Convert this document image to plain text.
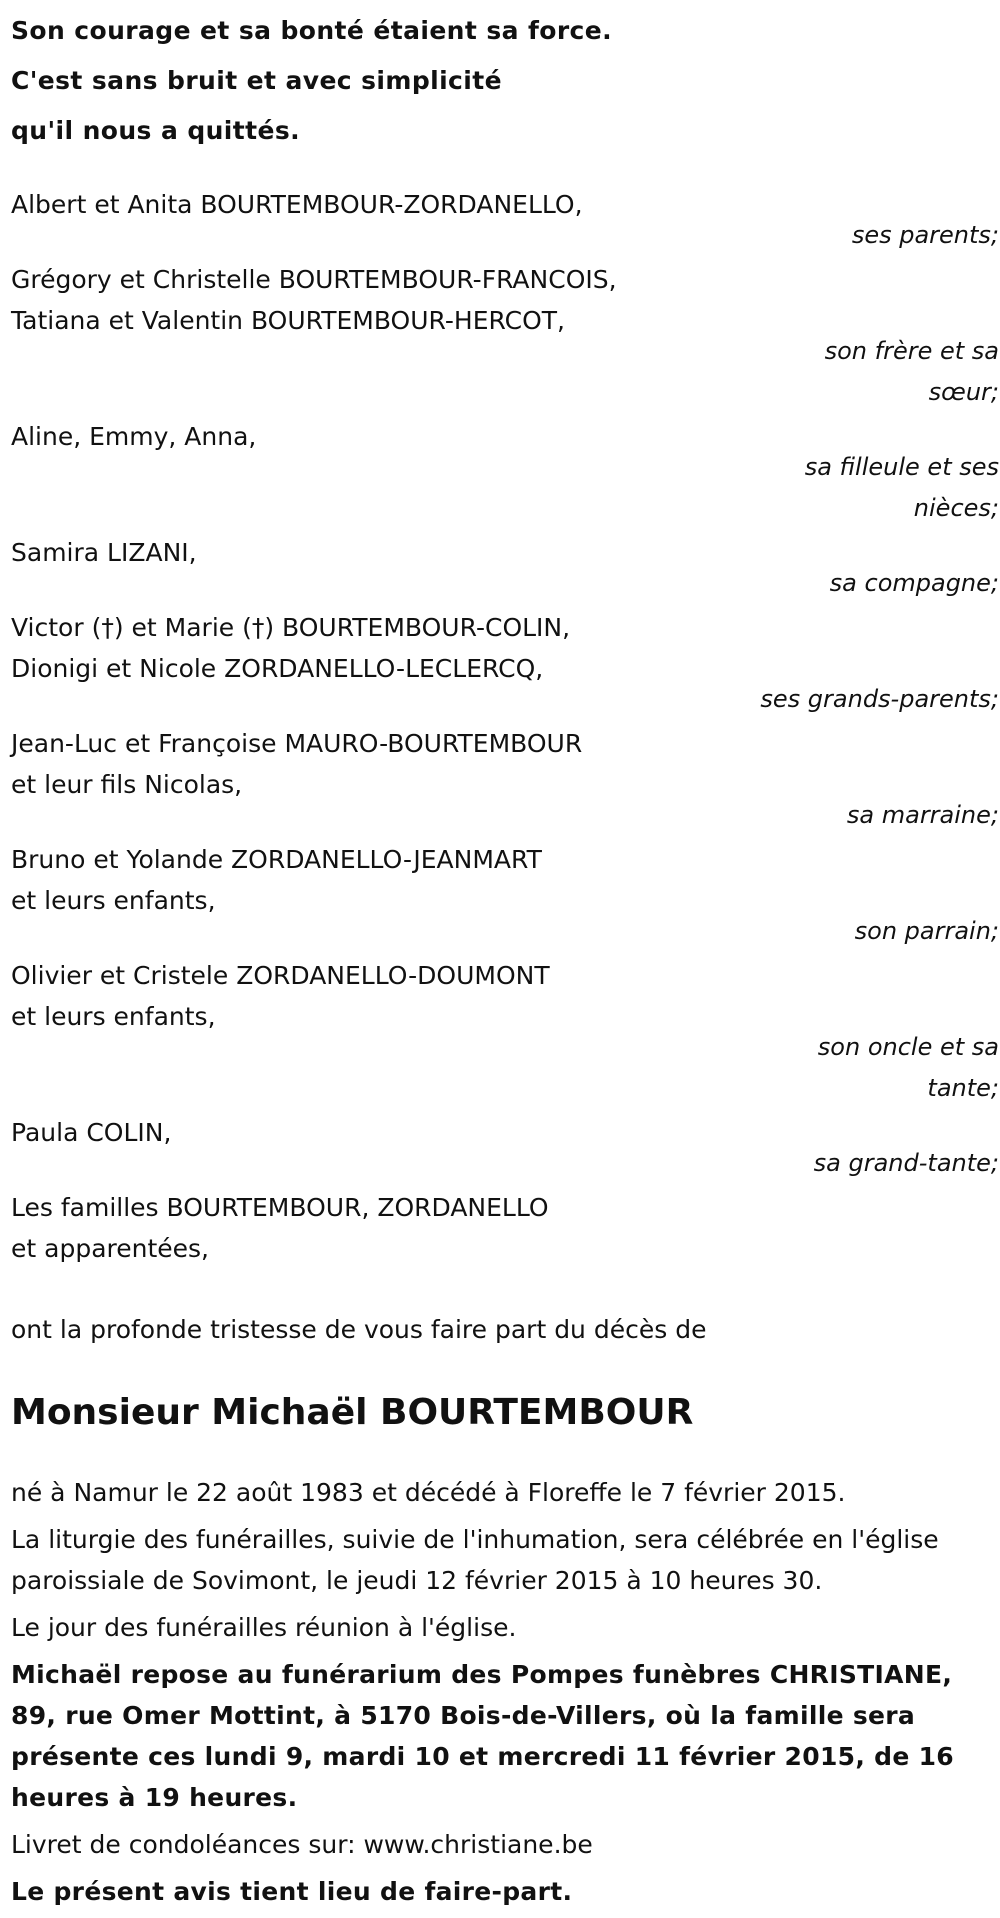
Son courage et sa bonté étaient sa force.
C'est sans bruit et avec simplicité
qu'il nous a quittés.
Albert et Anita BOURTEMBOUR-ZORDANELLO,
ses parents;
Grégory et Christelle BOURTEMBOUR-FRANCOIS,
Tatiana et Valentin BOURTEMBOUR-HERCOT,
son frère et sa
sœur;
Aline, Emmy, Anna,
sa filleule et ses
nièces;
Samira LIZANI,
sa compagne;
Victor (†) et Marie (†) BOURTEMBOUR-COLIN,
Dionigi et Nicole ZORDANELLO-LECLERCQ,
ses grands-parents;
Jean-Luc et Françoise MAURO-BOURTEMBOUR
et leur fils Nicolas,
sa marraine;
Bruno et Yolande ZORDANELLO-JEANMART
et leurs enfants,
son parrain;
Olivier et Cristele ZORDANELLO-DOUMONT
et leurs enfants,
son oncle et sa
tante;
Paula COLIN,
sa grand-tante;
Les familles BOURTEMBOUR, ZORDANELLO
et apparentées,
ont la profonde tristesse de vous faire part du décès de
Monsieur Michaël BOURTEMBOUR

né à Namur le 22 août 1983 et décédé à Floreffe le 7 février 2015.

La liturgie des funérailles, suivie de l'inhumation, sera célébrée en l'église paroissiale de Sovimont, le jeudi 12 février 2015 à 10 heures 30.

Le jour des funérailles réunion à l'église.

Michaël repose au funérarium des Pompes funèbres CHRISTIANE, 89, rue Omer Mottint, à 5170 Bois-de-Villers, où la famille sera présente ces lundi 9, mardi 10 et mercredi 11 février 2015, de 16 heures à 19 heures.

Livret de condoléances sur: www.christiane.be

Le présent avis tient lieu de faire-part.
